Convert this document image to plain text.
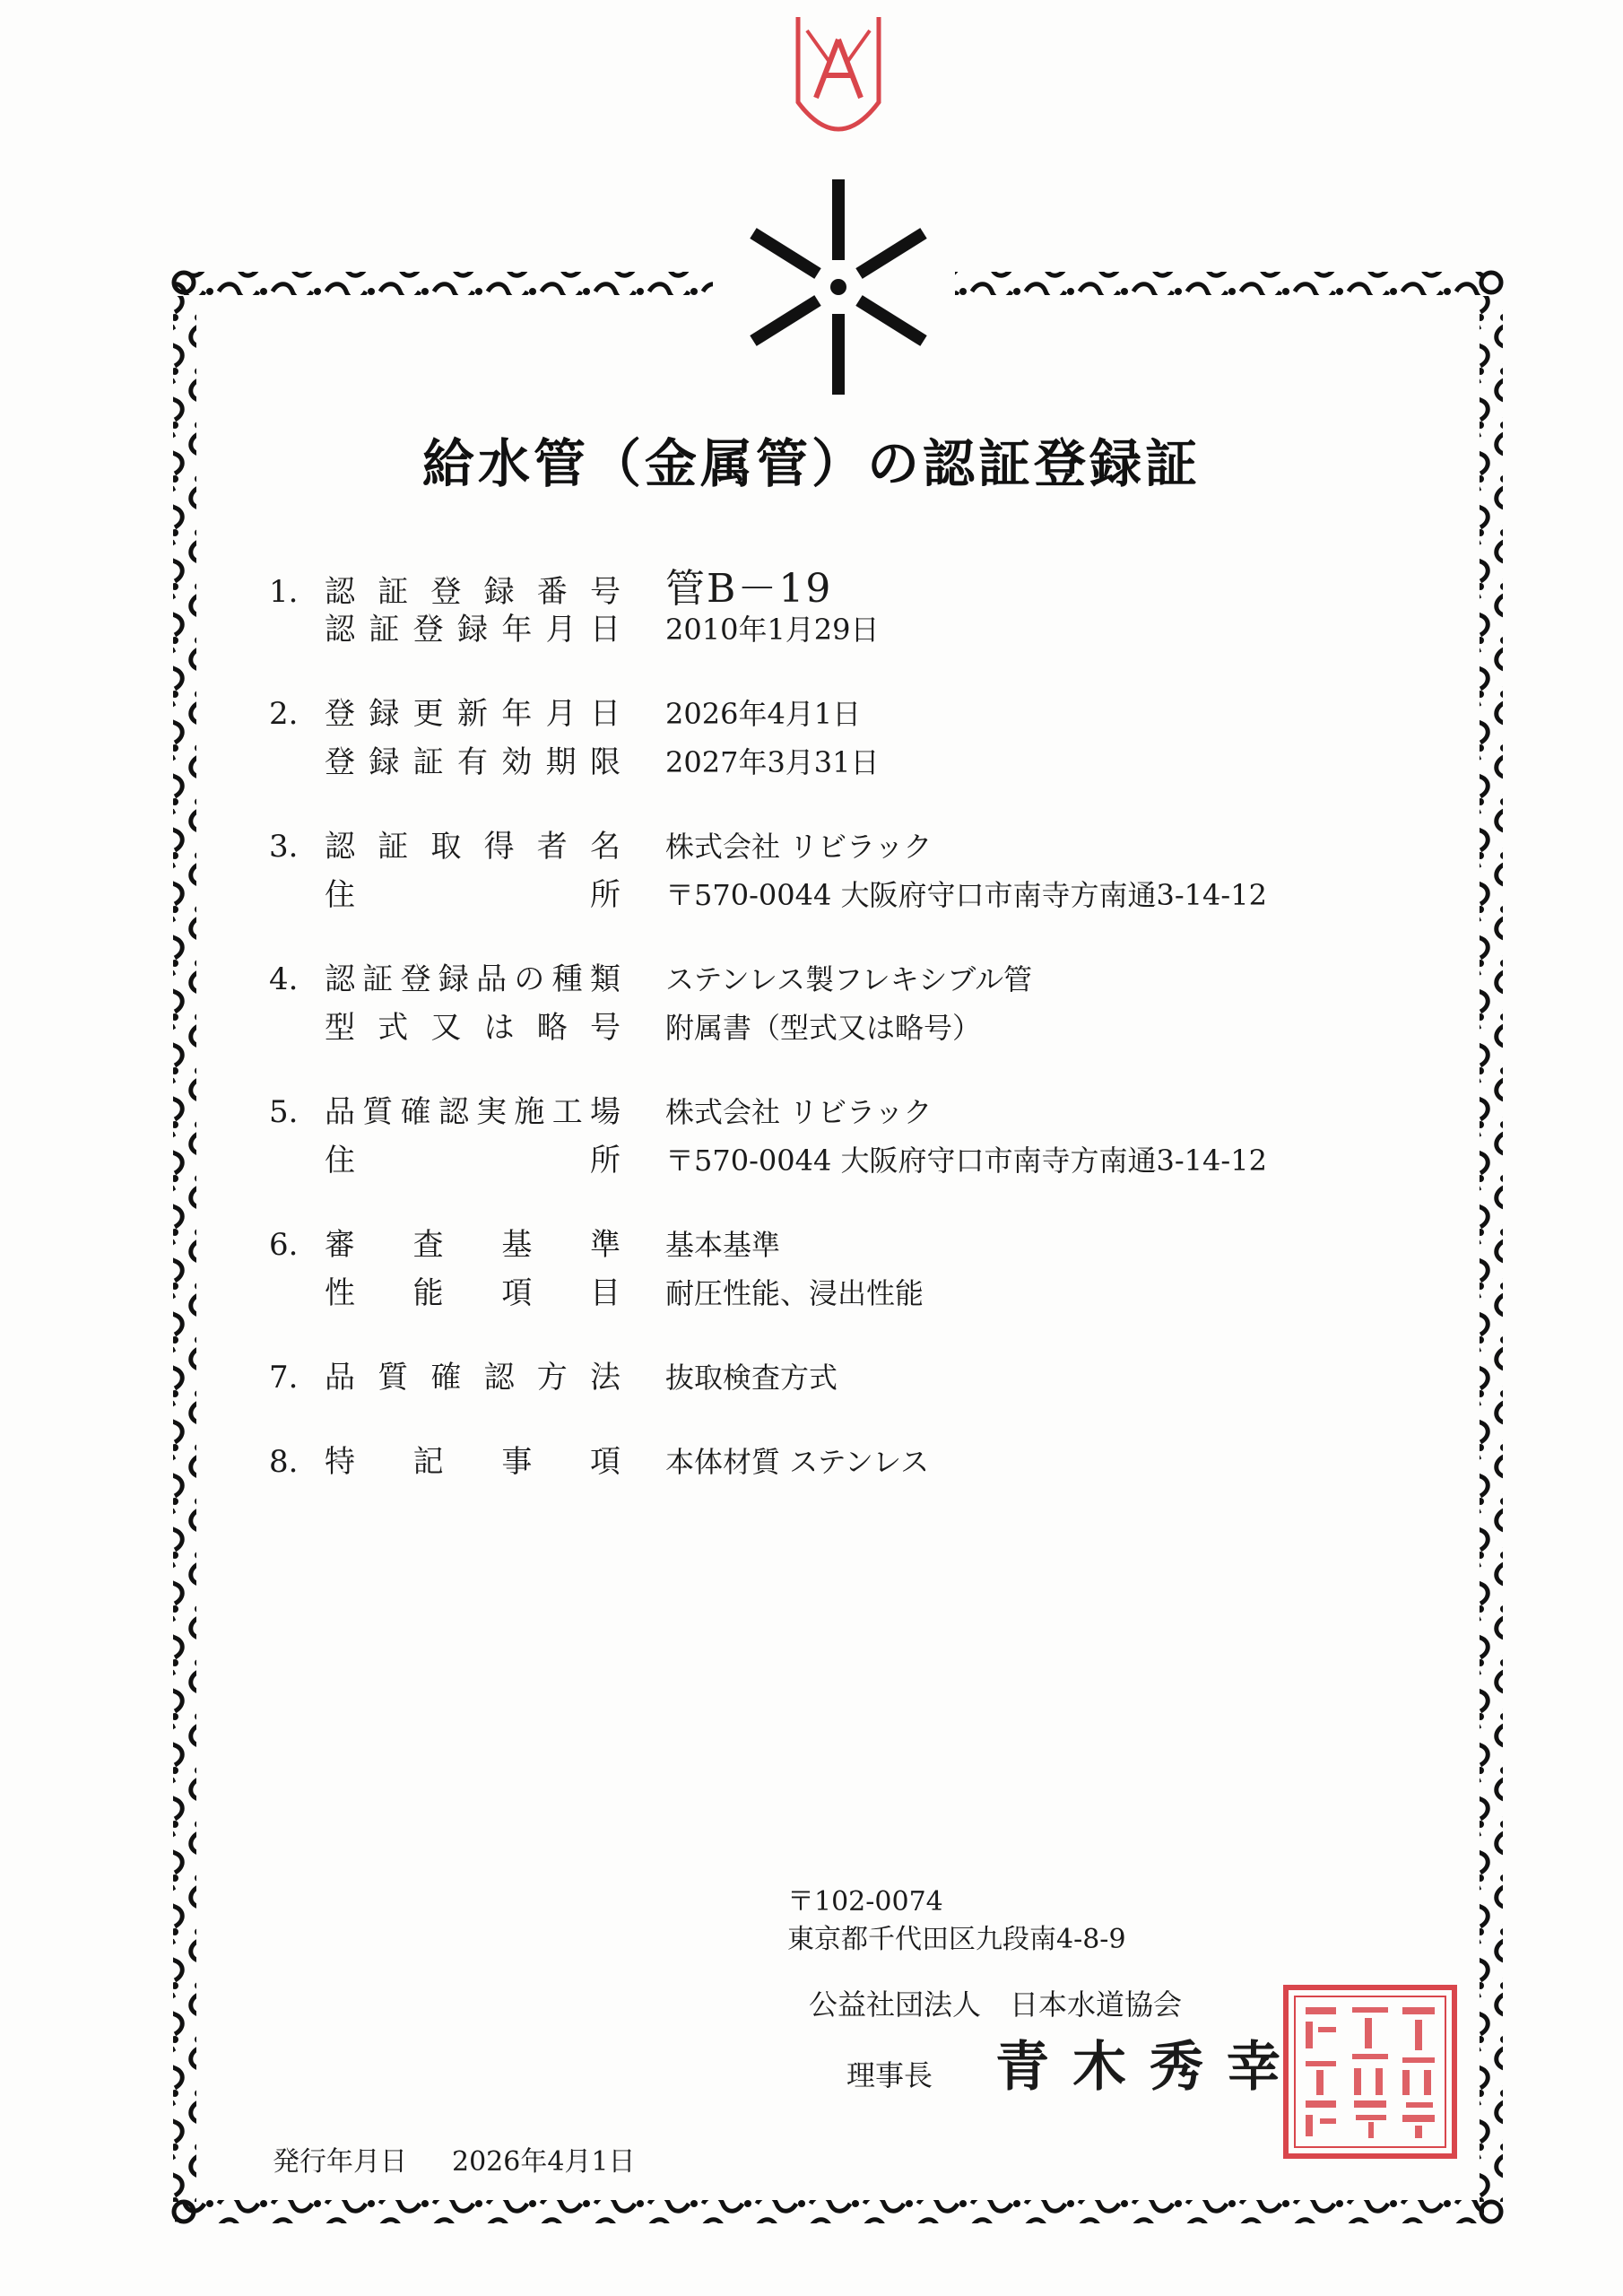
給水管（金属管）の認証登録証
1. 認 証 登 録 番 号 管B－19
認 証 登 録 年 月 日 2010年1月29日
2. 登 録 更 新 年 月 日 2026年4月1日
登 録 証 有 効 期 限 2027年3月31日
3. 認 証 取 得 者 名 株式会社 リビラック
住	所 〒570-0044 大阪府守口市南寺方南通3-14-12
4. 認 証 登 録 品 の 種 類 ステンレス製フレキシブル管
型 式 又 は 略 号 附属書（型式又は略号）
5. 品 質 確 認 実 施 工 場 株式会社 リビラック
住	所 〒570-0044 大阪府守口市南寺方南通3-14-12
6. 審 査 基 準 基本基準
性 能 項 目 耐圧性能、浸出性能
7. 品 質 確 認 方 法 抜取検査方式
8. 特 記 事 項 本体材質 ステンレス
〒102-0074
東京都千代田区九段南4-8-9
公益社団法人　日本水道協会
理事長 青木秀幸
発行年月日 2026年4月1日
